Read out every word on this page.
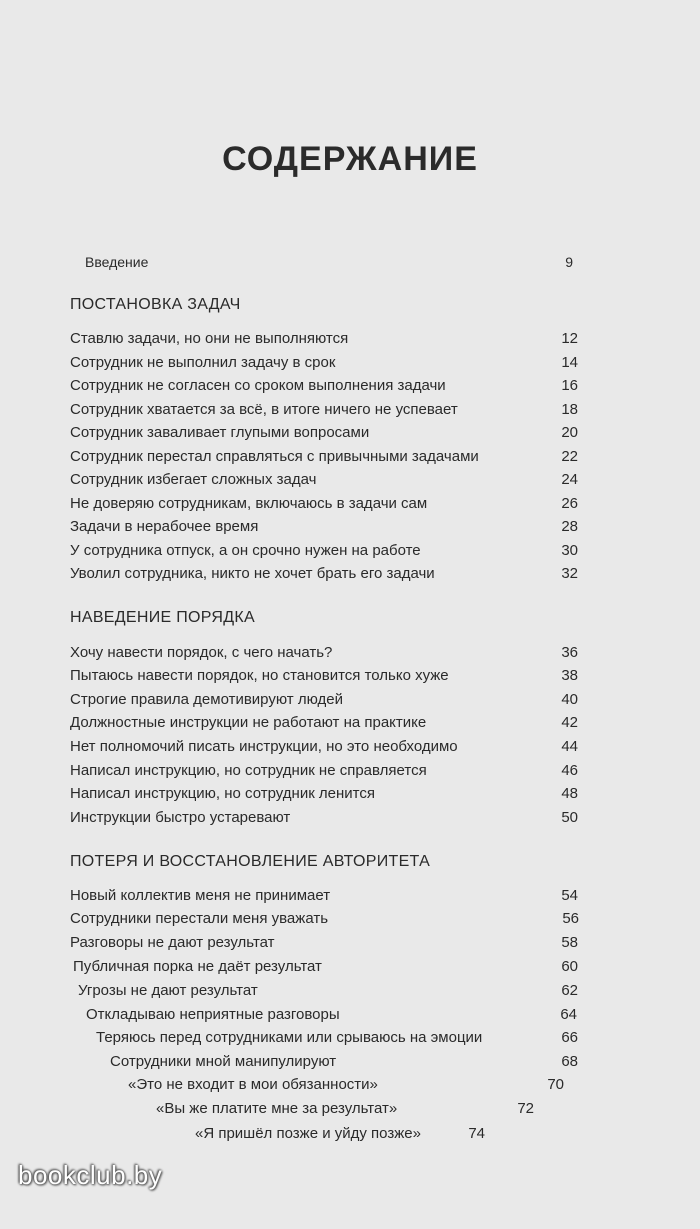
СОДЕРЖАНИЕ
Введение	9
ПОСТАНОВКА ЗАДАЧ
Ставлю задачи, но они не выполняются	12
Сотрудник не выполнил задачу в срок	14
Сотрудник не согласен со сроком выполнения задачи	16
Сотрудник хватается за всё, в итоге ничего не успевает	18
Сотрудник заваливает глупыми вопросами	20
Сотрудник перестал справляться с привычными задачами	22
Сотрудник избегает сложных задач	24
Не доверяю сотрудникам, включаюсь в задачи сам	26
Задачи в нерабочее время	28
У сотрудника отпуск, а он срочно нужен на работе	30
Уволил сотрудника, никто не хочет брать его задачи	32
НАВЕДЕНИЕ ПОРЯДКА
Хочу навести порядок, с чего начать?	36
Пытаюсь навести порядок, но становится только хуже	38
Строгие правила демотивируют людей	40
Должностные инструкции не работают на практике	42
Нет полномочий писать инструкции, но это необходимо	44
Написал инструкцию, но сотрудник не справляется	46
Написал инструкцию, но сотрудник ленится	48
Инструкции быстро устаревают	50
ПОТЕРЯ И ВОССТАНОВЛЕНИЕ АВТОРИТЕТА
Новый коллектив меня не принимает	54
Сотрудники перестали меня уважать	56
Разговоры не дают результат	58
Публичная порка не даёт результат	60
Угрозы не дают результат	62
Откладываю неприятные разговоры	64
Теряюсь перед сотрудниками или срываюсь на эмоции	66
Сотрудники мной манипулируют	68
«Это не входит в мои обязанности»	70
«Вы же платите мне за результат»	72
«Я пришёл позже и уйду позже»	74
bookclub.by
